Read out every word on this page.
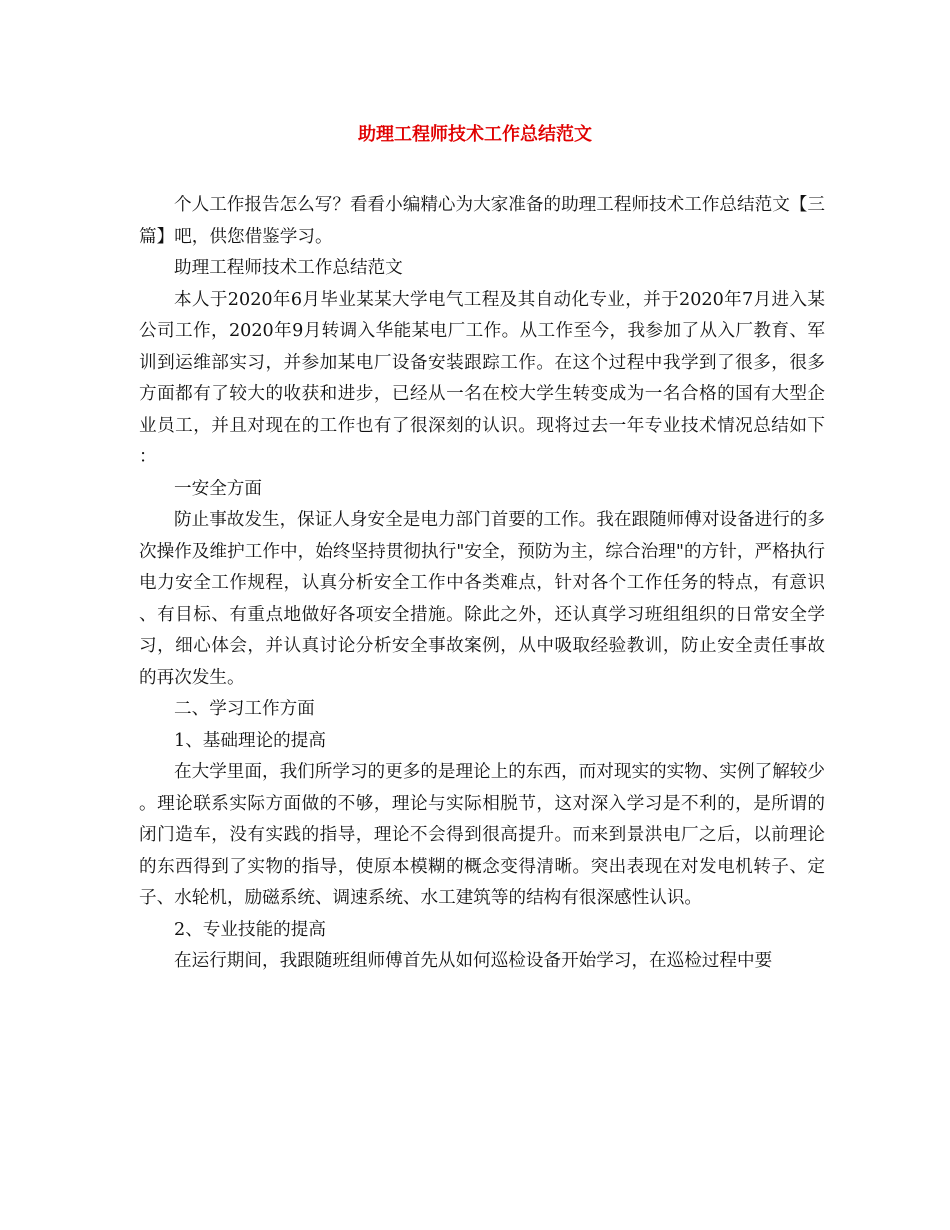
助理工程师技术工作总结范文

个人工作报告怎么写？看看小编精心为大家准备的助理工程师技术工作总结范文【三篇】吧，供您借鉴学习。

助理工程师技术工作总结范文

本人于2020年6月毕业某某大学电气工程及其自动化专业，并于2020年7月进入某公司工作，2020年9月转调入华能某电厂工作。从工作至今，我参加了从入厂教育、军训到运维部实习，并参加某电厂设备安装跟踪工作。在这个过程中我学到了很多，很多方面都有了较大的收获和进步，已经从一名在校大学生转变成为一名合格的国有大型企业员工，并且对现在的工作也有了很深刻的认识。现将过去一年专业技术情况总结如下：

一安全方面

防止事故发生，保证人身安全是电力部门首要的工作。我在跟随师傅对设备进行的多次操作及维护工作中，始终坚持贯彻执行"安全，预防为主，综合治理"的方针，严格执行电力安全工作规程，认真分析安全工作中各类难点，针对各个工作任务的特点，有意识、有目标、有重点地做好各项安全措施。除此之外，还认真学习班组组织的日常安全学习，细心体会，并认真讨论分析安全事故案例，从中吸取经验教训，防止安全责任事故的再次发生。

二、学习工作方面

1、基础理论的提高

在大学里面，我们所学习的更多的是理论上的东西，而对现实的实物、实例了解较少。理论联系实际方面做的不够，理论与实际相脱节，这对深入学习是不利的，是所谓的闭门造车，没有实践的指导，理论不会得到很高提升。而来到景洪电厂之后，以前理论的东西得到了实物的指导，使原本模糊的概念变得清晰。突出表现在对发电机转子、定子、水轮机，励磁系统、调速系统、水工建筑等的结构有很深感性认识。

2、专业技能的提高

在运行期间，我跟随班组师傅首先从如何巡检设备开始学习，在巡检过程中要
